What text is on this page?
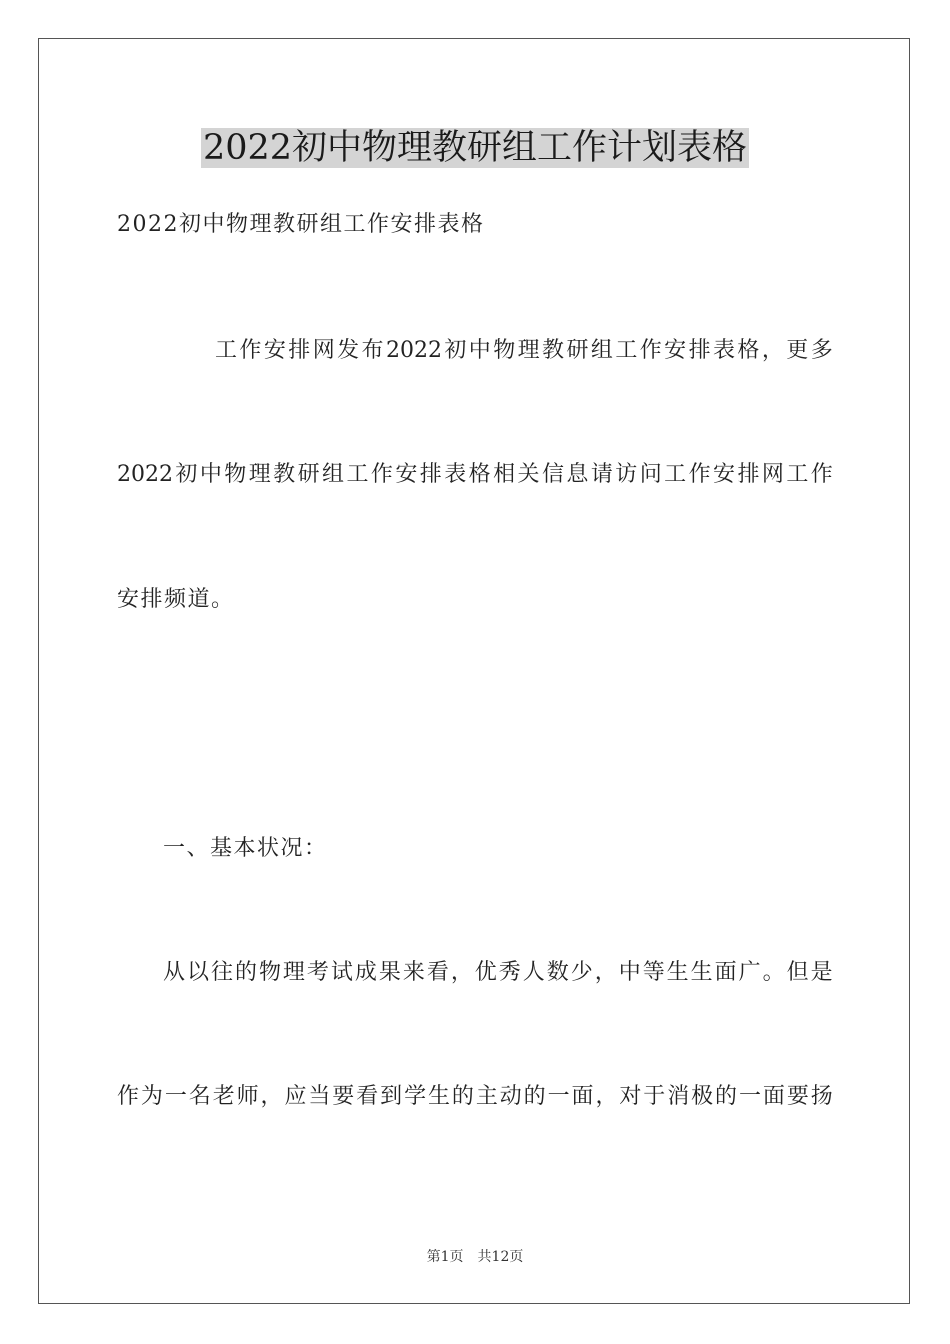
2022初中物理教研组工作计划表格
2022初中物理教研组工作安排表格
工 作 安 排 网 发 布 2022 初 中 物 理 教 研 组 工 作 安 排 表 格 ， 更 多
2022 初 中 物 理 教 研 组 工 作 安 排 表 格 相 关 信 息 请 访 问 工 作 安 排 网 工 作
安排频道。
一、基本状况：
从 以 往 的 物 理 考 试 成 果 来 看 ， 优 秀 人 数 少 ， 中 等 生 生 面 广 。 但 是
作 为 一 名 老 师 ， 应 当 要 看 到 学 生 的 主 动 的 一 面 ， 对 于 消 极 的 一 面 要 扬
第1页 共12页
